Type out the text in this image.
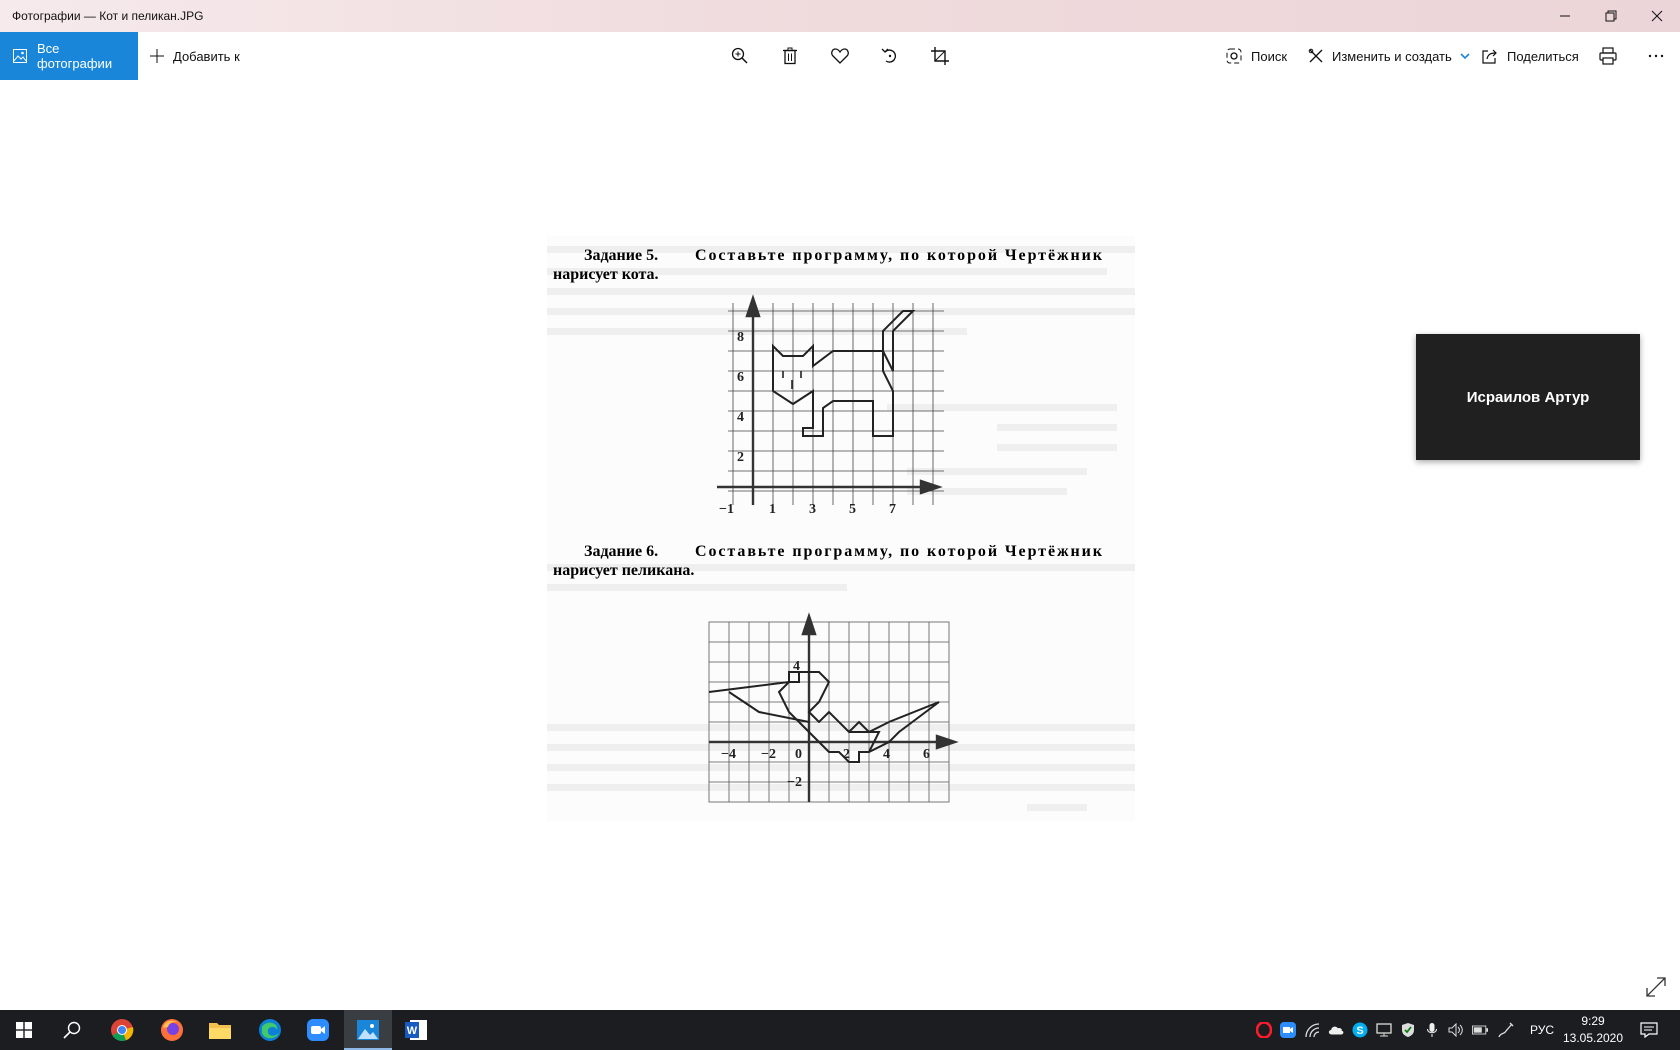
Фотографии — Кот и пеликан.JPG
Все фотографии	Добавить к	Поиск	Изменить и создать	Поделиться
Задание 5. Составьте программу, по которой Чертёжник
нарисует кота.
8
6
4
2
−1	1 3 5 7
Задание 6. Составьте программу, по которой Чертёжник
нарисует пеликана.
−4 −2 0	2 4 6
4
−2
Исраилов Артур
W	S	РУС
9:29
13.05.2020
